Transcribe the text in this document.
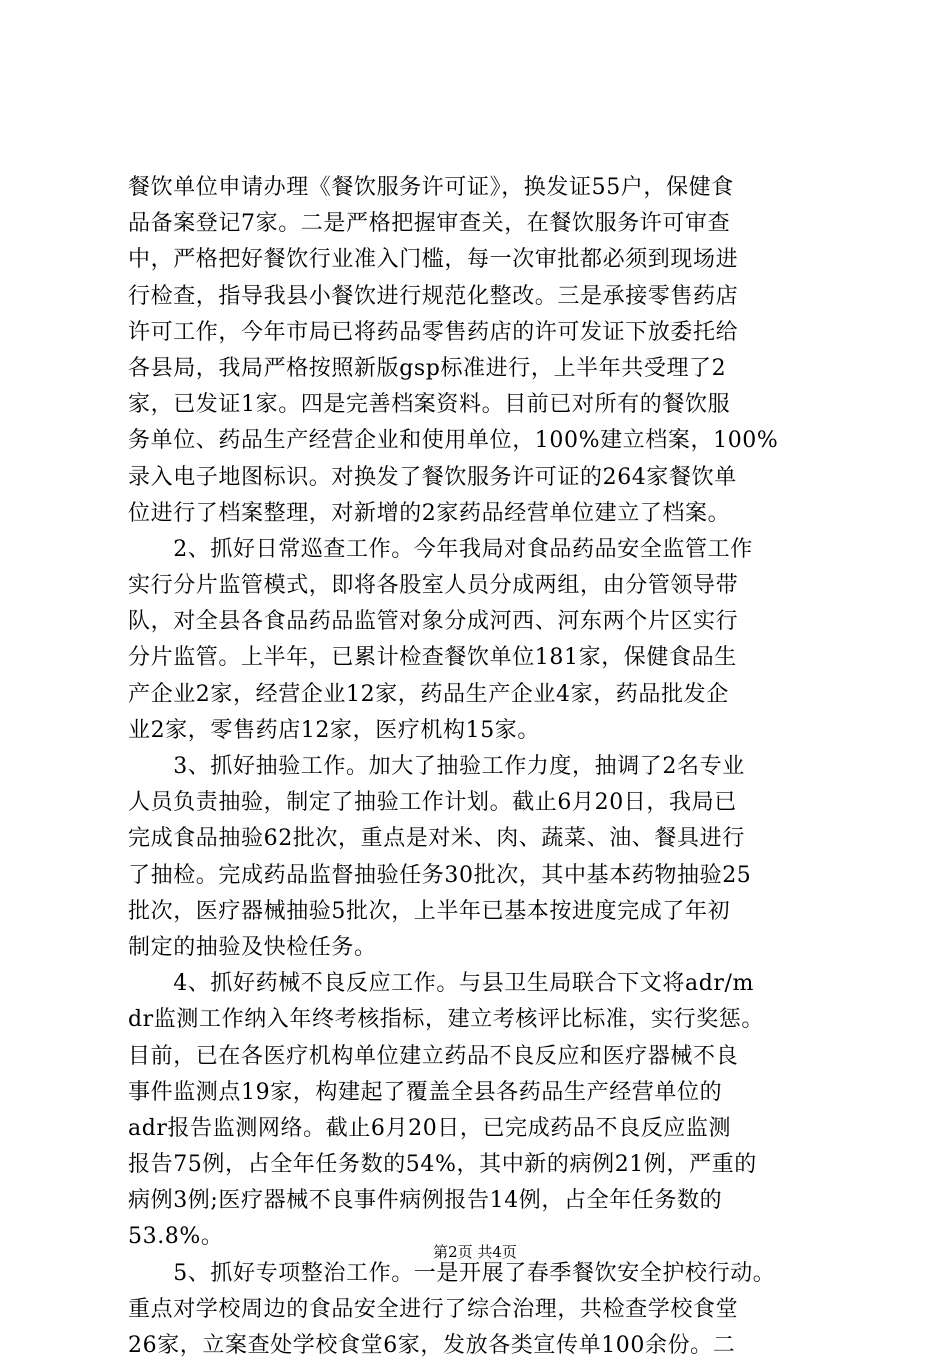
餐饮单位申请办理《餐饮服务许可证》，换发证55户，保健食
品备案登记7家。二是严格把握审查关，在餐饮服务许可审查
中，严格把好餐饮行业准入门槛，每一次审批都必须到现场进
行检查，指导我县小餐饮进行规范化整改。三是承接零售药店
许可工作，今年市局已将药品零售药店的许可发证下放委托给
各县局，我局严格按照新版gsp标准进行，上半年共受理了2
家，已发证1家。四是完善档案资料。目前已对所有的餐饮服
务单位、药品生产经营企业和使用单位，100%建立档案，100%
录入电子地图标识。对换发了餐饮服务许可证的264家餐饮单
位进行了档案整理，对新增的2家药品经营单位建立了档案。
　　2、抓好日常巡查工作。今年我局对食品药品安全监管工作
实行分片监管模式，即将各股室人员分成两组，由分管领导带
队，对全县各食品药品监管对象分成河西、河东两个片区实行
分片监管。上半年，已累计检查餐饮单位181家，保健食品生
产企业2家，经营企业12家，药品生产企业4家，药品批发企
业2家，零售药店12家，医疗机构15家。
　　3、抓好抽验工作。加大了抽验工作力度，抽调了2名专业
人员负责抽验，制定了抽验工作计划。截止6月20日，我局已
完成食品抽验62批次，重点是对米、肉、蔬菜、油、餐具进行
了抽检。完成药品监督抽验任务30批次，其中基本药物抽验25
批次，医疗器械抽验5批次，上半年已基本按进度完成了年初
制定的抽验及快检任务。
　　4、抓好药械不良反应工作。与县卫生局联合下文将adr/m
dr监测工作纳入年终考核指标，建立考核评比标准，实行奖惩。
目前，已在各医疗机构单位建立药品不良反应和医疗器械不良
事件监测点19家，构建起了覆盖全县各药品生产经营单位的
adr报告监测网络。截止6月20日，已完成药品不良反应监测
报告75例，占全年任务数的54%，其中新的病例21例，严重的
病例3例;医疗器械不良事件病例报告14例，占全年任务数的
53.8%。
　　5、抓好专项整治工作。一是开展了春季餐饮安全护校行动。
重点对学校周边的食品安全进行了综合治理，共检查学校食堂
26家，立案查处学校食堂6家，发放各类宣传单100余份。二
第2页 共4页
